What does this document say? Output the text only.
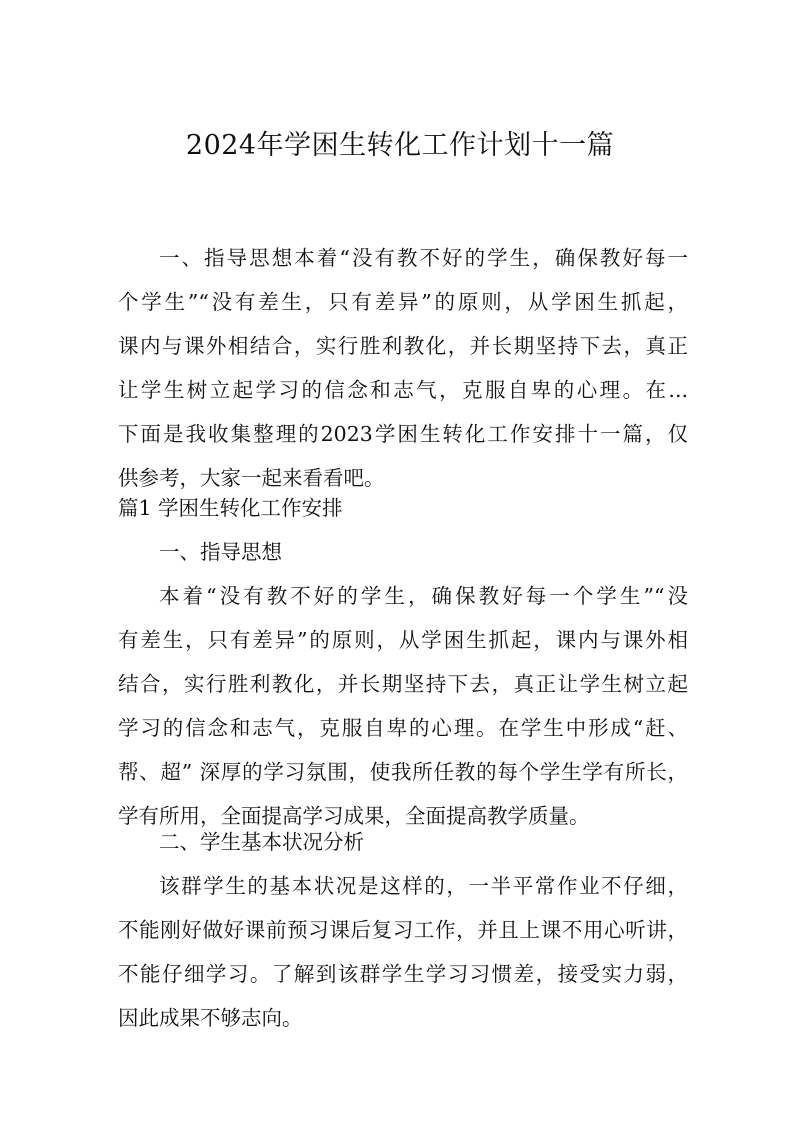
2024年学困生转化工作计划十一篇
一、指导思想本着“没有教不好的学生，确保教好每一
个学生”“没有差生，只有差异”的原则，从学困生抓起，
课内与课外相结合，实行胜利教化，并长期坚持下去，真正
让学生树立起学习的信念和志气，克服自卑的心理。在...
下面是我收集整理的2023学困生转化工作安排十一篇，仅
供参考，大家一起来看看吧。
篇1 学困生转化工作安排
一、指导思想
本着“没有教不好的学生，确保教好每一个学生”“没
有差生，只有差异”的原则，从学困生抓起，课内与课外相
结合，实行胜利教化，并长期坚持下去，真正让学生树立起
学习的信念和志气，克服自卑的心理。在学生中形成“赶、
帮、超” 深厚的学习氛围，使我所任教的每个学生学有所长，
学有所用，全面提高学习成果，全面提高教学质量。
二、学生基本状况分析
该群学生的基本状况是这样的，一半平常作业不仔细，
不能刚好做好课前预习课后复习工作，并且上课不用心听讲，
不能仔细学习。了解到该群学生学习习惯差，接受实力弱，
因此成果不够志向。
